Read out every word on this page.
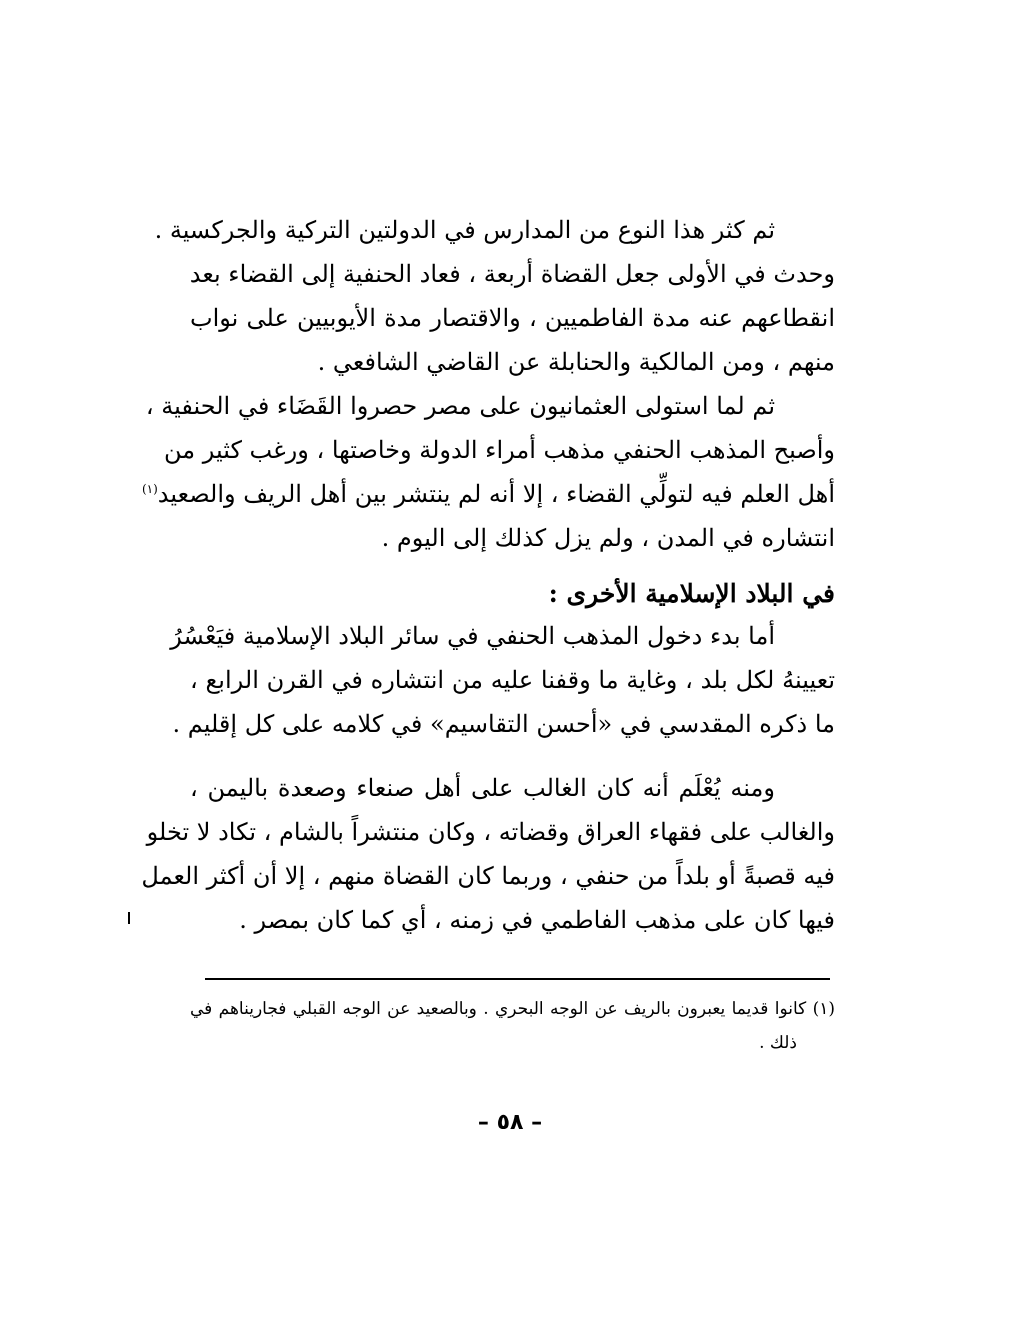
ثم كثر هذا النوع من المدارس في الدولتين التركية والجركسية .
وحدث في الأولى جعل القضاة أربعة ، فعاد الحنفية إلى القضاء بعد
انقطاعهم عنه مدة الفاطميين ، والاقتصار مدة الأيوبيين على نواب
منهم ، ومن المالكية والحنابلة عن القاضي الشافعي .
ثم لما استولى العثمانيون على مصر حصروا القَضَاء في الحنفية ،
وأصبح المذهب الحنفي مذهب أمراء الدولة وخاصتها ، ورغب كثير من
أهل العلم فيه لتولِّي القضاء ، إلا أنه لم ينتشر بين أهل الريف والصعيد$^{(١)}$
انتشاره في المدن ، ولم يزل كذلك إلى اليوم .
في البلاد الإسلامية الأخرى :
أما بدء دخول المذهب الحنفي في سائر البلاد الإسلامية فيَعْسُرُ
تعيينهُ لكل بلد ، وغاية ما وقفنا عليه من انتشاره في القرن الرابع ،
ما ذكره المقدسي في «أحسن التقاسيم» في كلامه على كل إقليم .
ومنه يُعْلَم أنه كان الغالب على أهل صنعاء وصعدة باليمن ،
والغالب على فقهاء العراق وقضاته ، وكان منتشراً بالشام ، تكاد لا تخلو
فيه قصبةً أو بلداً من حنفي ، وربما كان القضاة منهم ، إلا أن أكثر العمل
فيها كان على مذهب الفاطمي في زمنه ، أي كما كان بمصر .
(١) كانوا قديما يعبرون بالريف عن الوجه البحري . وبالصعيد عن الوجه القبلي فجاريناهم في
ذلك .
– ٥٨ –
